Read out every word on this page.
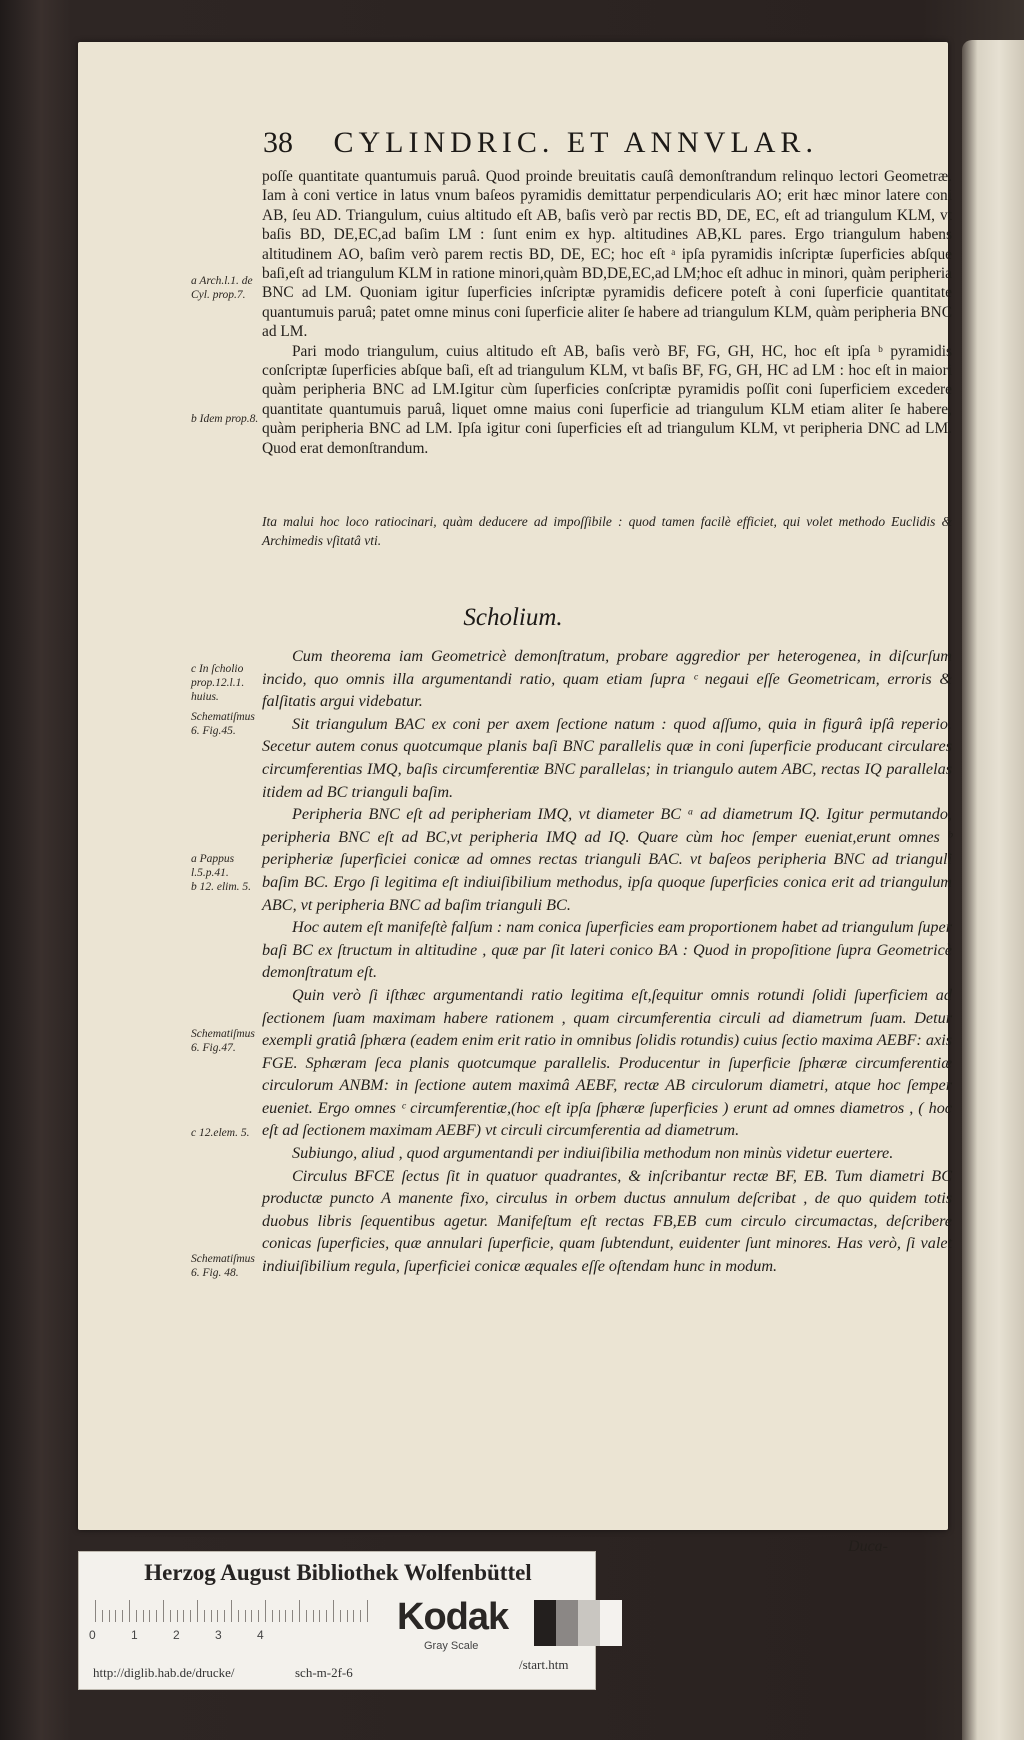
38 CYLINDRIC. ET ANNVLAR.

poſſe quantitate quantumuis paruâ. Quod proinde breuitatis cauſâ demonſtrandum relinquo lectori Geometræ. Iam à coni vertice in latus vnum baſeos pyramidis demittatur perpendicularis AO; erit hæc minor latere coni AB, ſeu AD. Triangulum, cuius altitudo eſt AB, baſis verò par rectis BD, DE, EC, eſt ad triangulum KLM, vt baſis BD, DE,EC,ad baſim LM : ſunt enim ex hyp. altitudines AB,KL pares. Ergo triangulum habens altitudinem AO, baſim verò parem rectis BD, DE, EC; hoc eſt ᵃ ipſa pyramidis inſcriptæ ſuperficies abſque baſi,eſt ad triangulum KLM in ratione minori,quàm BD,DE,EC,ad LM;hoc eſt adhuc in minori, quàm peripheria BNC ad LM. Quoniam igitur ſuperficies inſcriptæ pyramidis deficere poteſt à coni ſuperficie quantitate quantumuis paruâ; patet omne minus coni ſuperficie aliter ſe habere ad triangulum KLM, quàm peripheria BNC ad LM.

Pari modo triangulum, cuius altitudo eſt AB, baſis verò BF, FG, GH, HC, hoc eſt ipſa ᵇ pyramidis conſcriptæ ſuperficies abſque baſi, eſt ad triangulum KLM, vt baſis BF, FG, GH, HC ad LM : hoc eſt in maiori quàm peripheria BNC ad LM.Igitur cùm ſuperficies conſcriptæ pyramidis poſſit coni ſuperficiem excedere quantitate quantumuis paruâ, liquet omne maius coni ſuperficie ad triangulum KLM etiam aliter ſe habere, quàm peripheria BNC ad LM. Ipſa igitur coni ſuperficies eſt ad triangulum KLM, vt peripheria DNC ad LM. Quod erat demonſtrandum.

Ita malui hoc loco ratiocinari, quàm deducere ad impoſſibile : quod tamen facilè efficiet, qui volet methodo Euclidis & Archimedis vſitatâ vti.
Scholium.

Cum theorema iam Geometricè demonſtratum, probare aggredior per heterogenea, in diſcurſum incido, quo omnis illa argumentandi ratio, quam etiam ſupra ᶜ negaui eſſe Geometricam, erroris & falſitatis argui videbatur.

Sit triangulum BAC ex coni per axem ſectione natum : quod aſſumo, quia in figurâ ipſâ reperio. Secetur autem conus quotcumque planis baſi BNC parallelis quæ in coni ſuperficie producant circulares circumferentias IMQ, baſis circumferentiæ BNC parallelas; in triangulo autem ABC, rectas IQ parallelas itidem ad BC trianguli baſim.

Peripheria BNC eſt ad peripheriam IMQ, vt diameter BC ᵃ ad diametrum IQ. Igitur permutando, peripheria BNC eſt ad BC,vt peripheria IMQ ad IQ. Quare cùm hoc ſemper eueniat,erunt omnes ᵇ peripheriæ ſuperficiei conicæ ad omnes rectas trianguli BAC. vt baſeos peripheria BNC ad trianguli baſim BC. Ergo ſi legitima eſt indiuiſibilium methodus, ipſa quoque ſuperficies conica erit ad triangulum ABC, vt peripheria BNC ad baſim trianguli BC.

Hoc autem eſt manifeſtè falſum : nam conica ſuperficies eam proportionem habet ad triangulum ſuper baſi BC ex ſtructum in altitudine , quæ par ſit lateri conico BA : Quod in propoſitione ſupra Geometricè demonſtratum eſt.

Quin verò ſi iſthæc argumentandi ratio legitima eſt,ſequitur omnis rotundi ſolidi ſuperficiem ad ſectionem ſuam maximam habere rationem , quam circumferentia circuli ad diametrum ſuam. Detur exempli gratiâ ſphæra (eadem enim erit ratio in omnibus ſolidis rotundis) cuius ſectio maxima AEBF: axis FGE. Sphæram ſeca planis quotcumque parallelis. Producentur in ſuperficie ſphæræ circumferentiæ circulorum ANBM: in ſectione autem maximâ AEBF, rectæ AB circulorum diametri, atque hoc ſemper eueniet. Ergo omnes ᶜ circumferentiæ,(hoc eſt ipſa ſphæræ ſuperficies ) erunt ad omnes diametros , ( hoc eſt ad ſectionem maximam AEBF) vt circuli circumferentia ad diametrum.

Subiungo, aliud , quod argumentandi per indiuiſibilia methodum non minùs videtur euertere.

Circulus BFCE ſectus ſit in quatuor quadrantes, & inſcribantur rectæ BF, EB. Tum diametri BC productæ puncto A manente fixo, circulus in orbem ductus annulum deſcribat , de quo quidem totis duobus libris ſequentibus agetur. Manifeſtum eſt rectas FB,EB cum circulo circumactas, deſcribere conicas ſuperficies, quæ annulari ſuperficie, quam ſubtendunt, euidenter ſunt minores. Has verò, ſi valet indiuiſibilium regula, ſuperficiei conicæ æquales eſſe oſtendam hunc in modum.

a Arch.l.1. de Cyl. prop.7.
b Idem prop.8.
c In ſcholio prop.12.l.1. huius.
Schematiſmus 6. Fig.45.
a Pappus l.5.p.41.
b 12. elim. 5.
Schematiſmus 6. Fig.47.
c 12.elem. 5.
Schematiſmus 6. Fig. 48.
Duca-
Herzog August Bibliothek Wolfenbüttel
0	1	2	3	4	Kodak
Gray Scale
http://diglib.hab.de/drucke/	sch-m-2f-6
/start.htm
